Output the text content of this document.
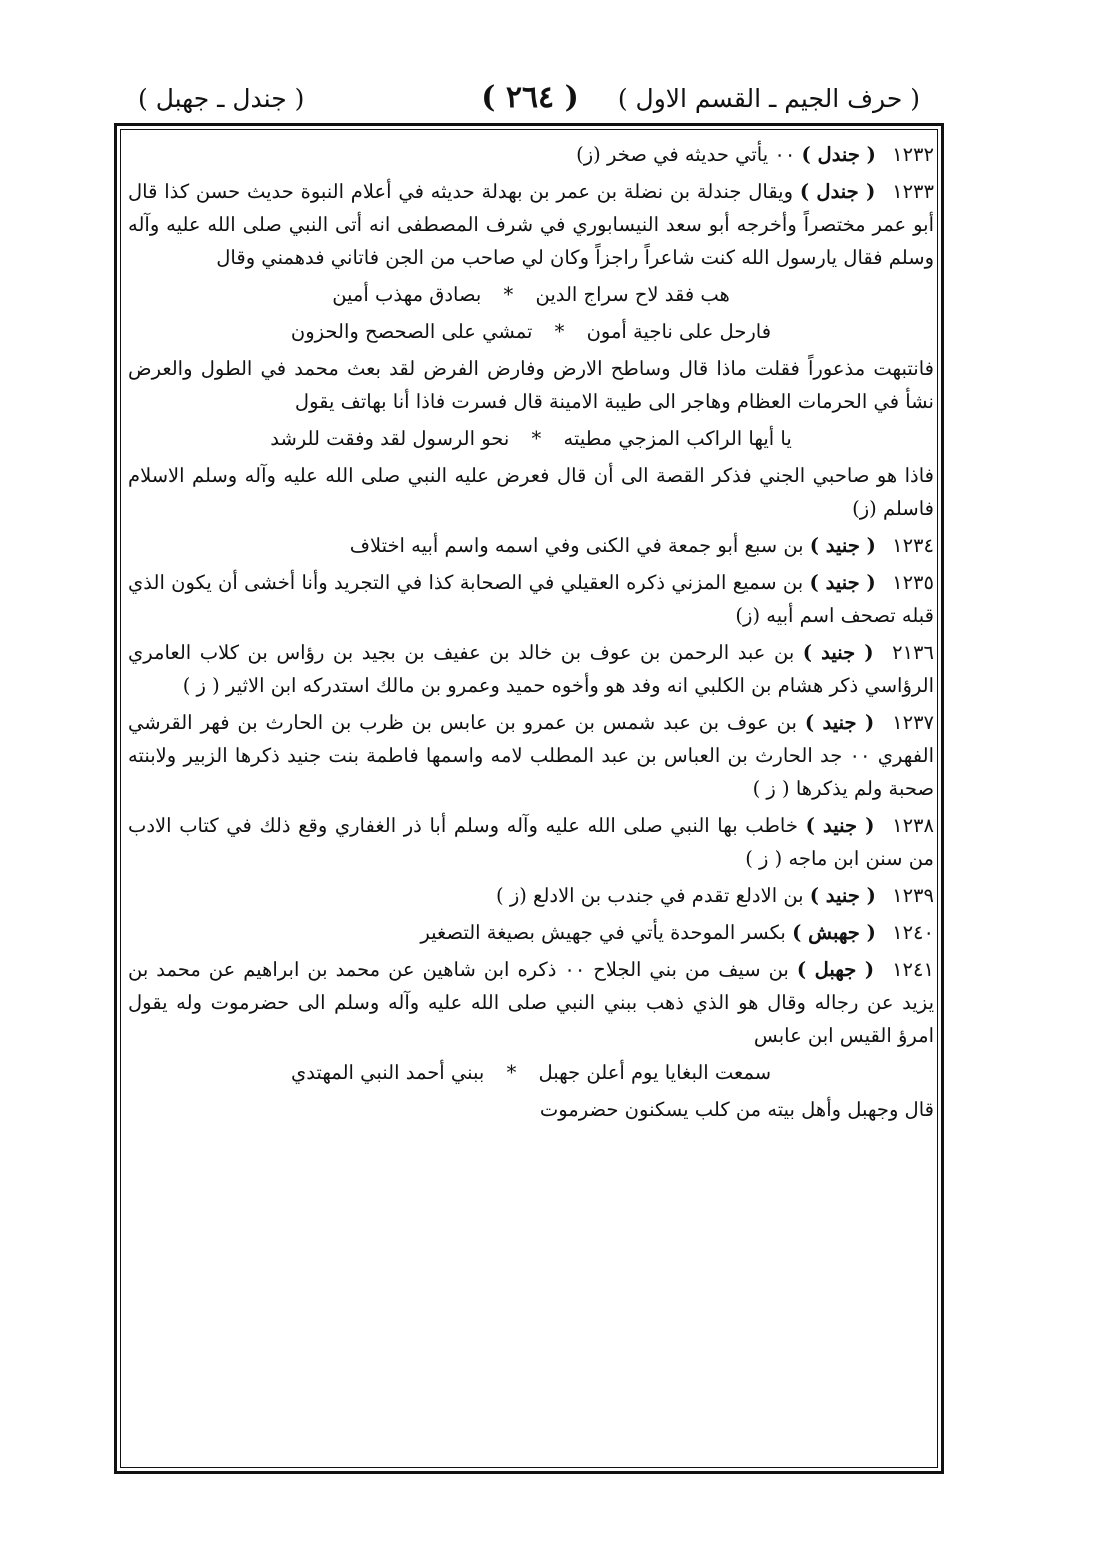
( حرف الجيم ـ القسم الاول )
( ٢٦٤ )
( جندل ـ جهبل )

١٢٣٢ ( جندل ) ٠٠ يأتي حديثه في صخر (ز)

١٢٣٣ ( جندل ) ويقال جندلة بن نضلة بن عمر بن بهدلة حديثه في أعلام النبوة حديث حسن كذا قال أبو عمر مختصراً وأخرجه أبو سعد النيسابوري في شرف المصطفى انه أتى النبي صلى الله عليه وآله وسلم فقال يارسول الله كنت شاعراً راجزاً وكان لي صاحب من الجن فاتاني فدهمني وقال

هب فقد لاح سراج الدين * بصادق مهذب أمين

فارحل على ناجية أمون * تمشي على الصحصح والحزون

فانتبهت مذعوراً فقلت ماذا قال وساطح الارض وفارض الفرض لقد بعث محمد في الطول والعرض نشأ في الحرمات العظام وهاجر الى طيبة الامينة قال فسرت فاذا أنا بهاتف يقول

يا أيها الراكب المزجي مطيته * نحو الرسول لقد وفقت للرشد

فاذا هو صاحبي الجني فذكر القصة الى أن قال فعرض عليه النبي صلى الله عليه وآله وسلم الاسلام فاسلم (ز)

١٢٣٤ ( جنيد ) بن سبع أبو جمعة في الكنى وفي اسمه واسم أبيه اختلاف

١٢٣٥ ( جنيد ) بن سميع المزني ذكره العقيلي في الصحابة كذا في التجريد وأنا أخشى أن يكون الذي قبله تصحف اسم أبيه (ز)

٢١٣٦ ( جنيد ) بن عبد الرحمن بن عوف بن خالد بن عفيف بن بجيد بن رؤاس بن كلاب العامري الرؤاسي ذكر هشام بن الكلبي انه وفد هو وأخوه حميد وعمرو بن مالك استدركه ابن الاثير ( ز )

١٢٣٧ ( جنيد ) بن عوف بن عبد شمس بن عمرو بن عابس بن ظرب بن الحارث بن فهر القرشي الفهري ٠٠ جد الحارث بن العباس بن عبد المطلب لامه واسمها فاطمة بنت جنيد ذكرها الزبير ولابنته صحبة ولم يذكرها ( ز )

١٢٣٨ ( جنيد ) خاطب بها النبي صلى الله عليه وآله وسلم أبا ذر الغفاري وقع ذلك في كتاب الادب من سنن ابن ماجه ( ز )

١٢٣٩ ( جنيد ) بن الادلع تقدم في جندب بن الادلع (ز )

١٢٤٠ ( جهبش ) بكسر الموحدة يأتي في جهيش بصيغة التصغير

١٢٤١ ( جهبل ) بن سيف من بني الجلاح ٠٠ ذكره ابن شاهين عن محمد بن ابراهيم عن محمد بن يزيد عن رجاله وقال هو الذي ذهب ببني النبي صلى الله عليه وآله وسلم الى حضرموت وله يقول امرؤ القيس ابن عابس

سمعت البغايا يوم أعلن جهبل * ببني أحمد النبي المهتدي

قال وجهبل وأهل بيته من كلب يسكنون حضرموت
